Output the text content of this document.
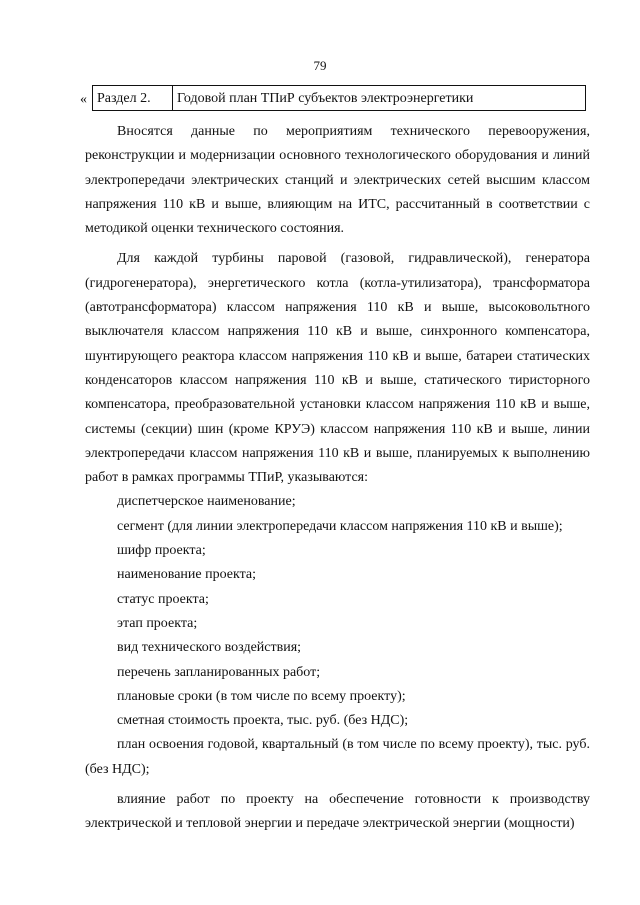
79
« Раздел 2.	Годовой план ТПиР субъектов электроэнергетики

Вносятся данные по мероприятиям технического перевооружения, реконструкции и модернизации основного технологического оборудования и линий электропередачи электрических станций и электрических сетей высшим классом напряжения 110 кВ и выше, влияющим на ИТС, рассчитанный в соответствии с методикой оценки технического состояния.

Для каждой турбины паровой (газовой, гидравлической), генератора (гидрогенератора), энергетического котла (котла-утилизатора), трансформатора (автотрансформатора) классом напряжения 110 кВ и выше, высоковольтного выключателя классом напряжения 110 кВ и выше, синхронного компенсатора, шунтирующего реактора классом напряжения 110 кВ и выше, батареи статических конденсаторов классом напряжения 110 кВ и выше, статического тиристорного компенсатора, преобразовательной установки классом напряжения 110 кВ и выше, системы (секции) шин (кроме КРУЭ) классом напряжения 110 кВ и выше, линии электропередачи классом напряжения 110 кВ и выше, планируемых к выполнению работ в рамках программы ТПиР, указываются:

диспетчерское наименование;
сегмент (для линии электропередачи классом напряжения 110 кВ и выше);
шифр проекта;
наименование проекта;
статус проекта;
этап проекта;
вид технического воздействия;
перечень запланированных работ;
плановые сроки (в том числе по всему проекту);
сметная стоимость проекта, тыс. руб. (без НДС);

план освоения годовой, квартальный (в том числе по всему проекту), тыс. руб. (без НДС);

влияние работ по проекту на обеспечение готовности к производству электрической и тепловой энергии и передаче электрической энергии (мощности)
